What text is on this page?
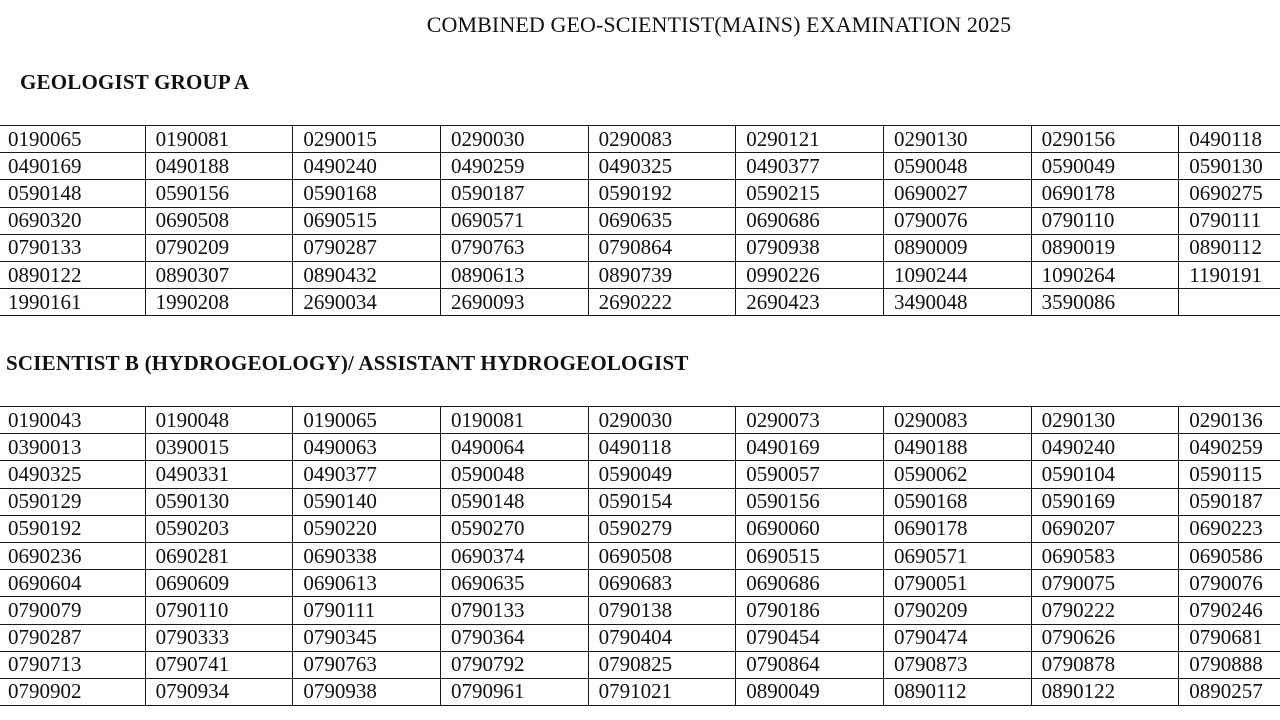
COMBINED GEO-SCIENTIST(MAINS) EXAMINATION 2025
GEOLOGIST GROUP A
0190065	0190081	0290015	0290030	0290083	0290121	0290130	0290156	0490118
0490169	0490188	0490240	0490259	0490325	0490377	0590048	0590049	0590130
0590148	0590156	0590168	0590187	0590192	0590215	0690027	0690178	0690275
0690320	0690508	0690515	0690571	0690635	0690686	0790076	0790110	0790111
0790133	0790209	0790287	0790763	0790864	0790938	0890009	0890019	0890112
0890122	0890307	0890432	0890613	0890739	0990226	1090244	1090264	1190191
1990161	1990208	2690034	2690093	2690222	2690423	3490048	3590086	
SCIENTIST B (HYDROGEOLOGY)/ ASSISTANT HYDROGEOLOGIST
0190043	0190048	0190065	0190081	0290030	0290073	0290083	0290130	0290136
0390013	0390015	0490063	0490064	0490118	0490169	0490188	0490240	0490259
0490325	0490331	0490377	0590048	0590049	0590057	0590062	0590104	0590115
0590129	0590130	0590140	0590148	0590154	0590156	0590168	0590169	0590187
0590192	0590203	0590220	0590270	0590279	0690060	0690178	0690207	0690223
0690236	0690281	0690338	0690374	0690508	0690515	0690571	0690583	0690586
0690604	0690609	0690613	0690635	0690683	0690686	0790051	0790075	0790076
0790079	0790110	0790111	0790133	0790138	0790186	0790209	0790222	0790246
0790287	0790333	0790345	0790364	0790404	0790454	0790474	0790626	0790681
0790713	0790741	0790763	0790792	0790825	0790864	0790873	0790878	0790888
0790902	0790934	0790938	0790961	0791021	0890049	0890112	0890122	0890257
